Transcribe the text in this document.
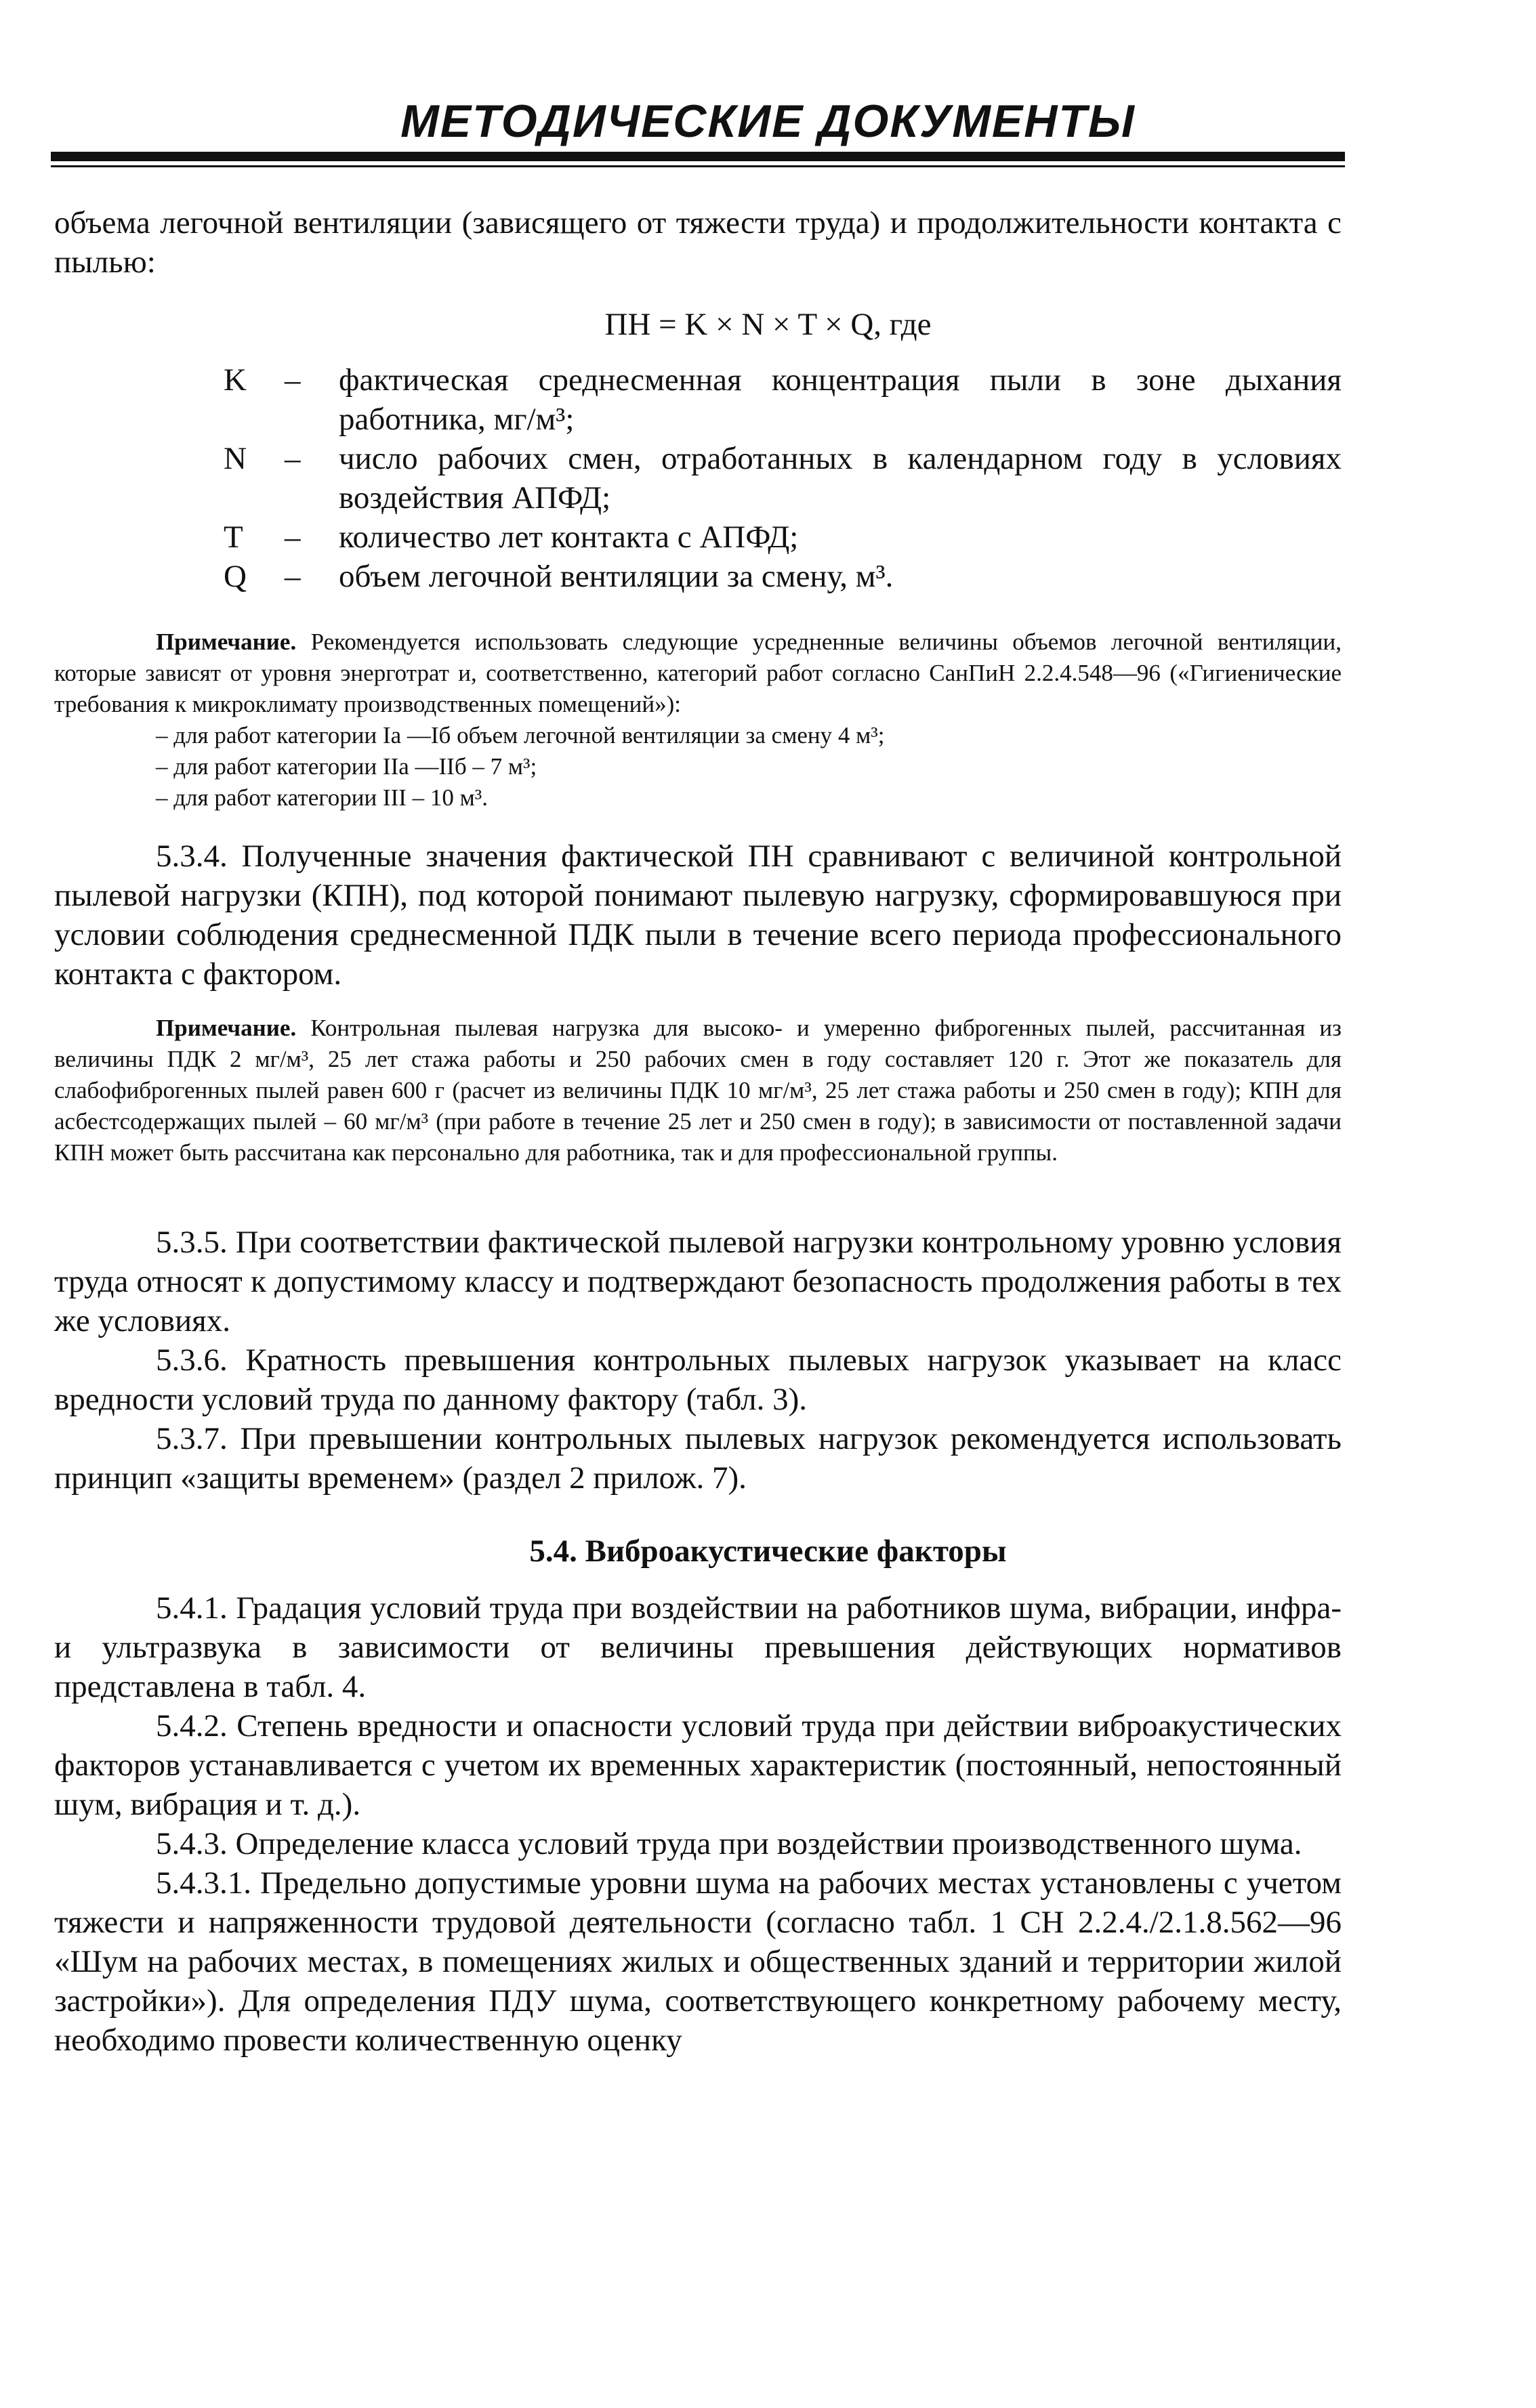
МЕТОДИЧЕСКИЕ ДОКУМЕНТЫ

объема легочной вентиляции (зависящего от тяжести труда) и продолжительности контакта с пылью:

ПН = K × N × T × Q, где
K	–	фактическая среднесменная концентрация пыли в зоне дыхания работника, мг/м³;
N	–	число рабочих смен, отработанных в календарном году в условиях воздействия АПФД;
T	–	количество лет контакта с АПФД;
Q	–	объем легочной вентиляции за смену, м³.

Примечание. Рекомендуется использовать следующие усредненные величины объемов легочной вентиляции, которые зависят от уровня энерготрат и, соответственно, категорий работ согласно СанПиН 2.2.4.548—96 («Гигиенические требования к микроклимату производственных помещений»):

– для работ категории Iа —Iб объем легочной вентиляции за смену 4 м³;

– для работ категории IIа —IIб – 7 м³;

– для работ категории III – 10 м³.

5.3.4. Полученные значения фактической ПН сравнивают с величиной контрольной пылевой нагрузки (КПН), под которой понимают пылевую нагрузку, сформировавшуюся при условии соблюдения среднесменной ПДК пыли в течение всего периода профессионального контакта с фактором.

Примечание. Контрольная пылевая нагрузка для высоко- и умеренно фиброгенных пылей, рассчитанная из величины ПДК 2 мг/м³, 25 лет стажа работы и 250 рабочих смен в году составляет 120 г. Этот же показатель для слабофиброгенных пылей равен 600 г (расчет из величины ПДК 10 мг/м³, 25 лет стажа работы и 250 смен в году); КПН для асбестсодержащих пылей – 60 мг/м³ (при работе в течение 25 лет и 250 смен в году); в зависимости от поставленной задачи КПН может быть рассчитана как персонально для работника, так и для профессиональной группы.

5.3.5. При соответствии фактической пылевой нагрузки контрольному уровню условия труда относят к допустимому классу и подтверждают безопасность продолжения работы в тех же условиях.

5.3.6. Кратность превышения контрольных пылевых нагрузок указывает на класс вредности условий труда по данному фактору (табл. 3).

5.3.7. При превышении контрольных пылевых нагрузок рекомендуется использовать принцип «защиты временем» (раздел 2 прилож. 7).

5.4. Виброакустические факторы

5.4.1. Градация условий труда при воздействии на работников шума, вибрации, инфра- и ультразвука в зависимости от величины превышения действующих нормативов представлена в табл. 4.

5.4.2. Степень вредности и опасности условий труда при действии виброакустических факторов устанавливается с учетом их временных характеристик (постоянный, непостоянный шум, вибрация и т. д.).

5.4.3. Определение класса условий труда при воздействии производственного шума.

5.4.3.1. Предельно допустимые уровни шума на рабочих местах установлены с учетом тяжести и напряженности трудовой деятельности (согласно табл. 1 СН 2.2.4./2.1.8.562—96 «Шум на рабочих местах, в помещениях жилых и общественных зданий и территории жилой застройки»). Для определения ПДУ шума, соответствующего конкретному рабочему месту, необходимо провести количественную оценку
